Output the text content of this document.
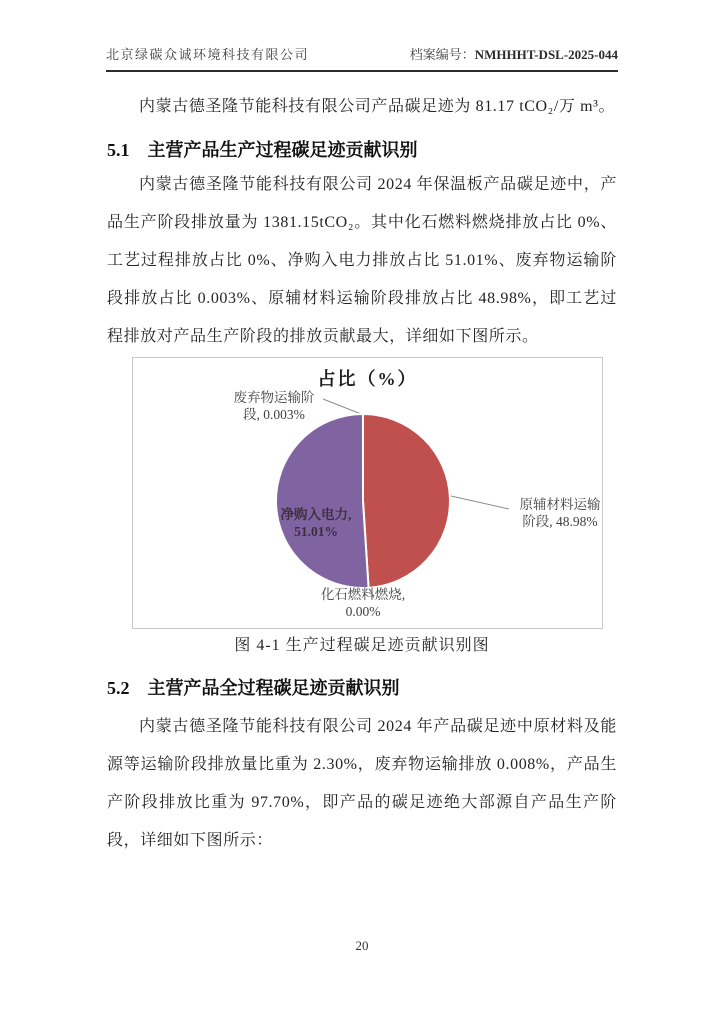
北京绿碳众诚环境科技有限公司	档案编号：NMHHHT-DSL-2025-044
内蒙古德圣隆节能科技有限公司产品碳足迹为 81.17 tCO₂/万 m³。
5.1 主营产品生产过程碳足迹贡献识别
内蒙古德圣隆节能科技有限公司 2024 年保温板产品碳足迹中，产品生产阶段排放量为 1381.15tCO₂。其中化石燃料燃烧排放占比 0%、工艺过程排放占比 0%、净购入电力排放占比 51.01%、废弃物运输阶段排放占比 0.003%、原辅材料运输阶段排放占比 48.98%，即工艺过程排放对产品生产阶段的排放贡献最大，详细如下图所示。
占比（%）
废弃物运输阶
段, 0.003%
净购入电力,
51.01%
原辅材料运输
阶段, 48.98%
化石燃料燃烧,
0.00%
图 4-1 生产过程碳足迹贡献识别图
5.2 主营产品全过程碳足迹贡献识别
内蒙古德圣隆节能科技有限公司 2024 年产品碳足迹中原材料及能源等运输阶段排放量比重为 2.30%，废弃物运输排放 0.008%，产品生产阶段排放比重为 97.70%，即产品的碳足迹绝大部源自产品生产阶段，详细如下图所示：
20
